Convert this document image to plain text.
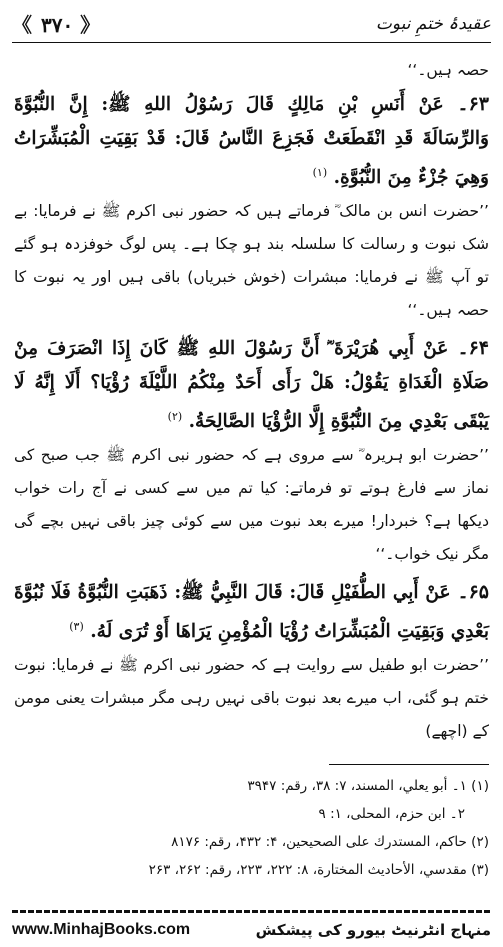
《 ۳۷۰ 》	عقیدۂ ختمِ نبوت

حصہ ہیں۔‘‘

۶۳۔ عَنْ أَنَسِ بْنِ مَالِكٍ قَالَ رَسُوْلُ اللهِ ﷺ: إِنَّ النُّبُوَّةَ وَالرِّسَالَةَ قَدِ انْقَطَعَتْ فَجَزِعَ النَّاسُ قَالَ: قَدْ بَقِيَتِ الْمُبَشِّرَاتُ وَهِيَ جُزْءٌ مِنَ النُّبُوَّةِ. $^{(۱)}$

’’حضرت انس بن مالک ؓ فرماتے ہیں کہ حضور نبی اکرم ﷺ نے فرمایا: بے شک نبوت و رسالت کا سلسلہ بند ہو چکا ہے۔ پس لوگ خوفزدہ ہو گئے تو آپ ﷺ نے فرمایا: مبشرات (خوش خبریاں) باقی ہیں اور یہ نبوت کا حصہ ہیں۔‘‘

۶۴۔ عَنْ أَبِي هُرَيْرَةَ ؓ أَنَّ رَسُوْلَ اللهِ ﷺ كَانَ إِذَا انْصَرَفَ مِنْ صَلَاةِ الْغَدَاةِ يَقُوْلُ: هَلْ رَأَى أَحَدٌ مِنْكُمُ اللَّيْلَةَ رُؤْيَا؟ أَلَا إِنَّهُ لَا يَبْقَى بَعْدِي مِنَ النُّبُوَّةِ إِلَّا الرُّؤْيَا الصَّالِحَةُ. $^{(۲)}$

’’حضرت ابو ہریرہ ؓ سے مروی ہے کہ حضور نبی اکرم ﷺ جب صبح کی نماز سے فارغ ہوتے تو فرماتے: کیا تم میں سے کسی نے آج رات خواب دیکھا ہے؟ خبردار! میرے بعد نبوت میں سے کوئی چیز باقی نہیں بچے گی مگر نیک خواب۔‘‘

۶۵۔ عَنْ أَبِي الطُّفَيْلِ قَالَ: قَالَ النَّبِيُّ ﷺ: ذَهَبَتِ النُّبُوَّةُ فَلَا نُبُوَّةَ بَعْدِي وَبَقِيَتِ الْمُبَشِّرَاتُ رُؤْيَا الْمُؤْمِنِ يَرَاهَا أَوْ تُرَى لَهُ. $^{(۳)}$

’’حضرت ابو طفیل سے روایت ہے کہ حضور نبی اکرم ﷺ نے فرمایا: نبوت ختم ہو گئی، اب میرے بعد نبوت باقی نہیں رہی مگر مبشرات یعنی مومن کے (اچھے)

(۱) ۱۔ أبو يعلي، المسند، ۷: ۳۸، رقم: ۳۹۴۷
۲۔ ابن حزم، المحلی، ۱: ۹
(۲) حاكم، المستدرك علی الصحيحين، ۴: ۴۳۲، رقم: ۸۱۷۶
(۳) مقدسي، الأحاديث المختارة، ۸: ۲۲۲، ۲۲۳، رقم: ۲۶۲، ۲۶۳
www.MinhajBooks.com	منہاج انٹرنیٹ بیورو کی پیشکش
